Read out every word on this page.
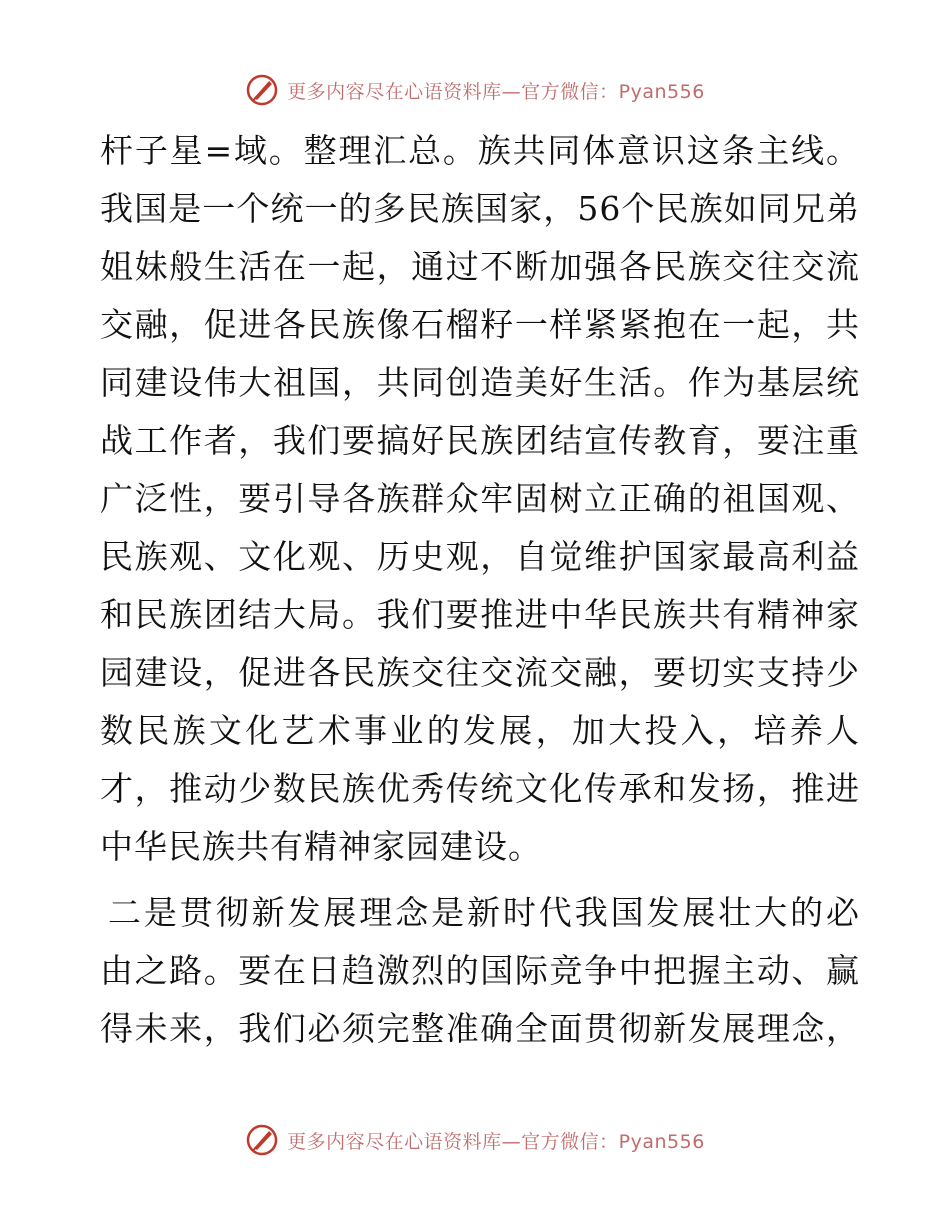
更多内容尽在心语资料库—官方微信：Pyan556
杆子星=域。整理汇总。族共同体意识这条主线。
我国是一个统一的多民族国家，56个民族如同兄弟
姐妹般生活在一起，通过不断加强各民族交往交流
交融，促进各民族像石榴籽一样紧紧抱在一起，共
同建设伟大祖国，共同创造美好生活。作为基层统
战工作者，我们要搞好民族团结宣传教育，要注重
广泛性，要引导各族群众牢固树立正确的祖国观、
民族观、文化观、历史观，自觉维护国家最高利益
和民族团结大局。我们要推进中华民族共有精神家
园建设，促进各民族交往交流交融，要切实支持少
数民族文化艺术事业的发展，加大投入，培养人
才，推动少数民族优秀传统文化传承和发扬，推进
中华民族共有精神家园建设。
二是贯彻新发展理念是新时代我国发展壮大的必
由之路。要在日趋激烈的国际竞争中把握主动、赢
得未来，我们必须完整准确全面贯彻新发展理念，
更多内容尽在心语资料库—官方微信：Pyan556
